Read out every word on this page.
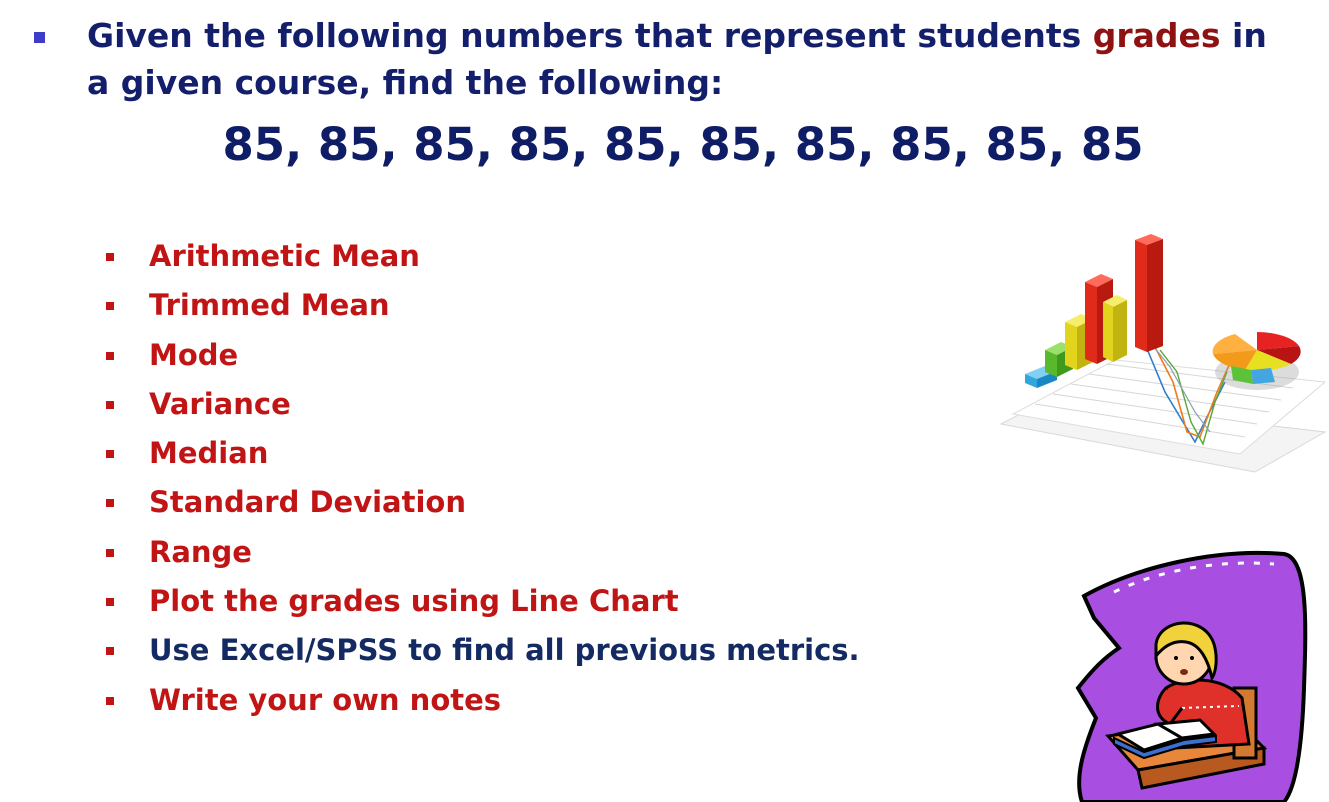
Given the following numbers that represent students grades in a given course, find the following:
85, 85, 85, 85, 85, 85, 85, 85, 85, 85
Arithmetic Mean
Trimmed Mean
Mode
Variance
Median
Standard Deviation
Range
Plot the grades using Line Chart
Use Excel/SPSS to find all previous metrics.
Write your own notes
